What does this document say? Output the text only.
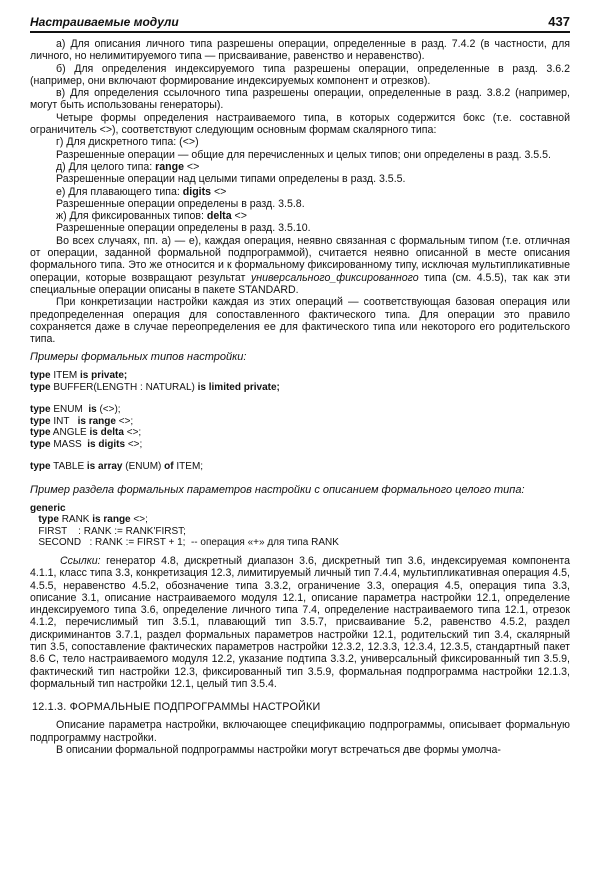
Настраиваемые модули	437

а) Для описания личного типа разрешены операции, определенные в разд. 7.4.2 (в частности, для личного, но нелимитируемого типа — присваивание, равенство и неравенство).

б) Для определения индексируемого типа разрешены операции, определенные в разд. 3.6.2 (например, они включают формирование индексируемых компонент и отрезков).

в) Для определения ссылочного типа разрешены операции, определенные в разд. 3.8.2 (например, могут быть использованы генераторы).

Четыре формы определения настраиваемого типа, в которых содержится бокс (т.е. составной ограничитель <>), соответствуют следующим основным формам скалярного типа:

г) Для дискретного типа: (<>)

Разрешенные операции — общие для перечисленных и целых типов; они определены в разд. 3.5.5.

д) Для целого типа: range <>

Разрешенные операции над целыми типами определены в разд. 3.5.5.

е) Для плавающего типа: digits <>

Разрешенные операции определены в разд. 3.5.8.

ж) Для фиксированных типов: delta <>

Разрешенные операции определены в разд. 3.5.10.

Во всех случаях, пп. а) — е), каждая операция, неявно связанная с формальным типом (т.е. отличная от операции, заданной формальной подпрограммой), считается неявно описанной в месте описания формального типа. Это же относится и к формальному фиксированному типу, исключая мультипликативные операции, которые возвращают результат универсального_фиксированного типа (см. 4.5.5), так как эти специальные операции описаны в пакете STANDARD.

При конкретизации настройки каждая из этих операций — соответствующая базовая операция или предопределенная операция для сопоставленного фактического типа. Для операции это правило сохраняется даже в случае переопределения ее для фактического типа или некоторого его родительского типа.

Примеры формальных типов настройки:

type ITEM is private;
type BUFFER(LENGTH : NATURAL) is limited private;
type ENUM  is (<>);
type INT   is range <>;
type ANGLE is delta <>;
type MASS  is digits <>;
type TABLE is array (ENUM) of ITEM;

Пример раздела формальных параметров настройки с описанием формального целого типа:

generic
type RANK is range <>;
FIRST    : RANK := RANK'FIRST;
SECOND   : RANK := FIRST + 1;  -- операция «+» для типа RANK

Ссылки: генератор 4.8, дискретный диапазон 3.6, дискретный тип 3.6, индексируемая компонента 4.1.1, класс типа 3.3, конкретизация 12.3, лимитируемый личный тип 7.4.4, мультипликативная операция 4.5, 4.5.5, неравенство 4.5.2, обозначение типа 3.3.2, ограничение 3.3, операция 4.5, операция типа 3.3, описание 3.1, описание настраиваемого модуля 12.1, описание параметра настройки 12.1, определение индексируемого типа 3.6, определение личного типа 7.4, определение настраиваемого типа 12.1, отрезок 4.1.2, перечислимый тип 3.5.1, плавающий тип 3.5.7, присваивание 5.2, равенство 4.5.2, раздел дискриминантов 3.7.1, раздел формальных параметров настройки 12.1, родительский тип 3.4, скалярный тип 3.5, сопоставление фактических параметров настройки 12.3.2, 12.3.3, 12.3.4, 12.3.5, стандартный пакет 8.6 С, тело настраиваемого модуля 12.2, указание подтипа 3.3.2, универсальный фиксированный тип 3.5.9, фактический тип настройки 12.3, фиксированный тип 3.5.9, формальная подпрограмма настройки 12.1.3, формальный тип настройки 12.1, целый тип 3.5.4.

12.1.3. ФОРМАЛЬНЫЕ ПОДПРОГРАММЫ НАСТРОЙКИ

Описание параметра настройки, включающее спецификацию подпрограммы, описывает формальную подпрограмму настройки.

В описании формальной подпрограммы настройки могут встречаться две формы умолча-
